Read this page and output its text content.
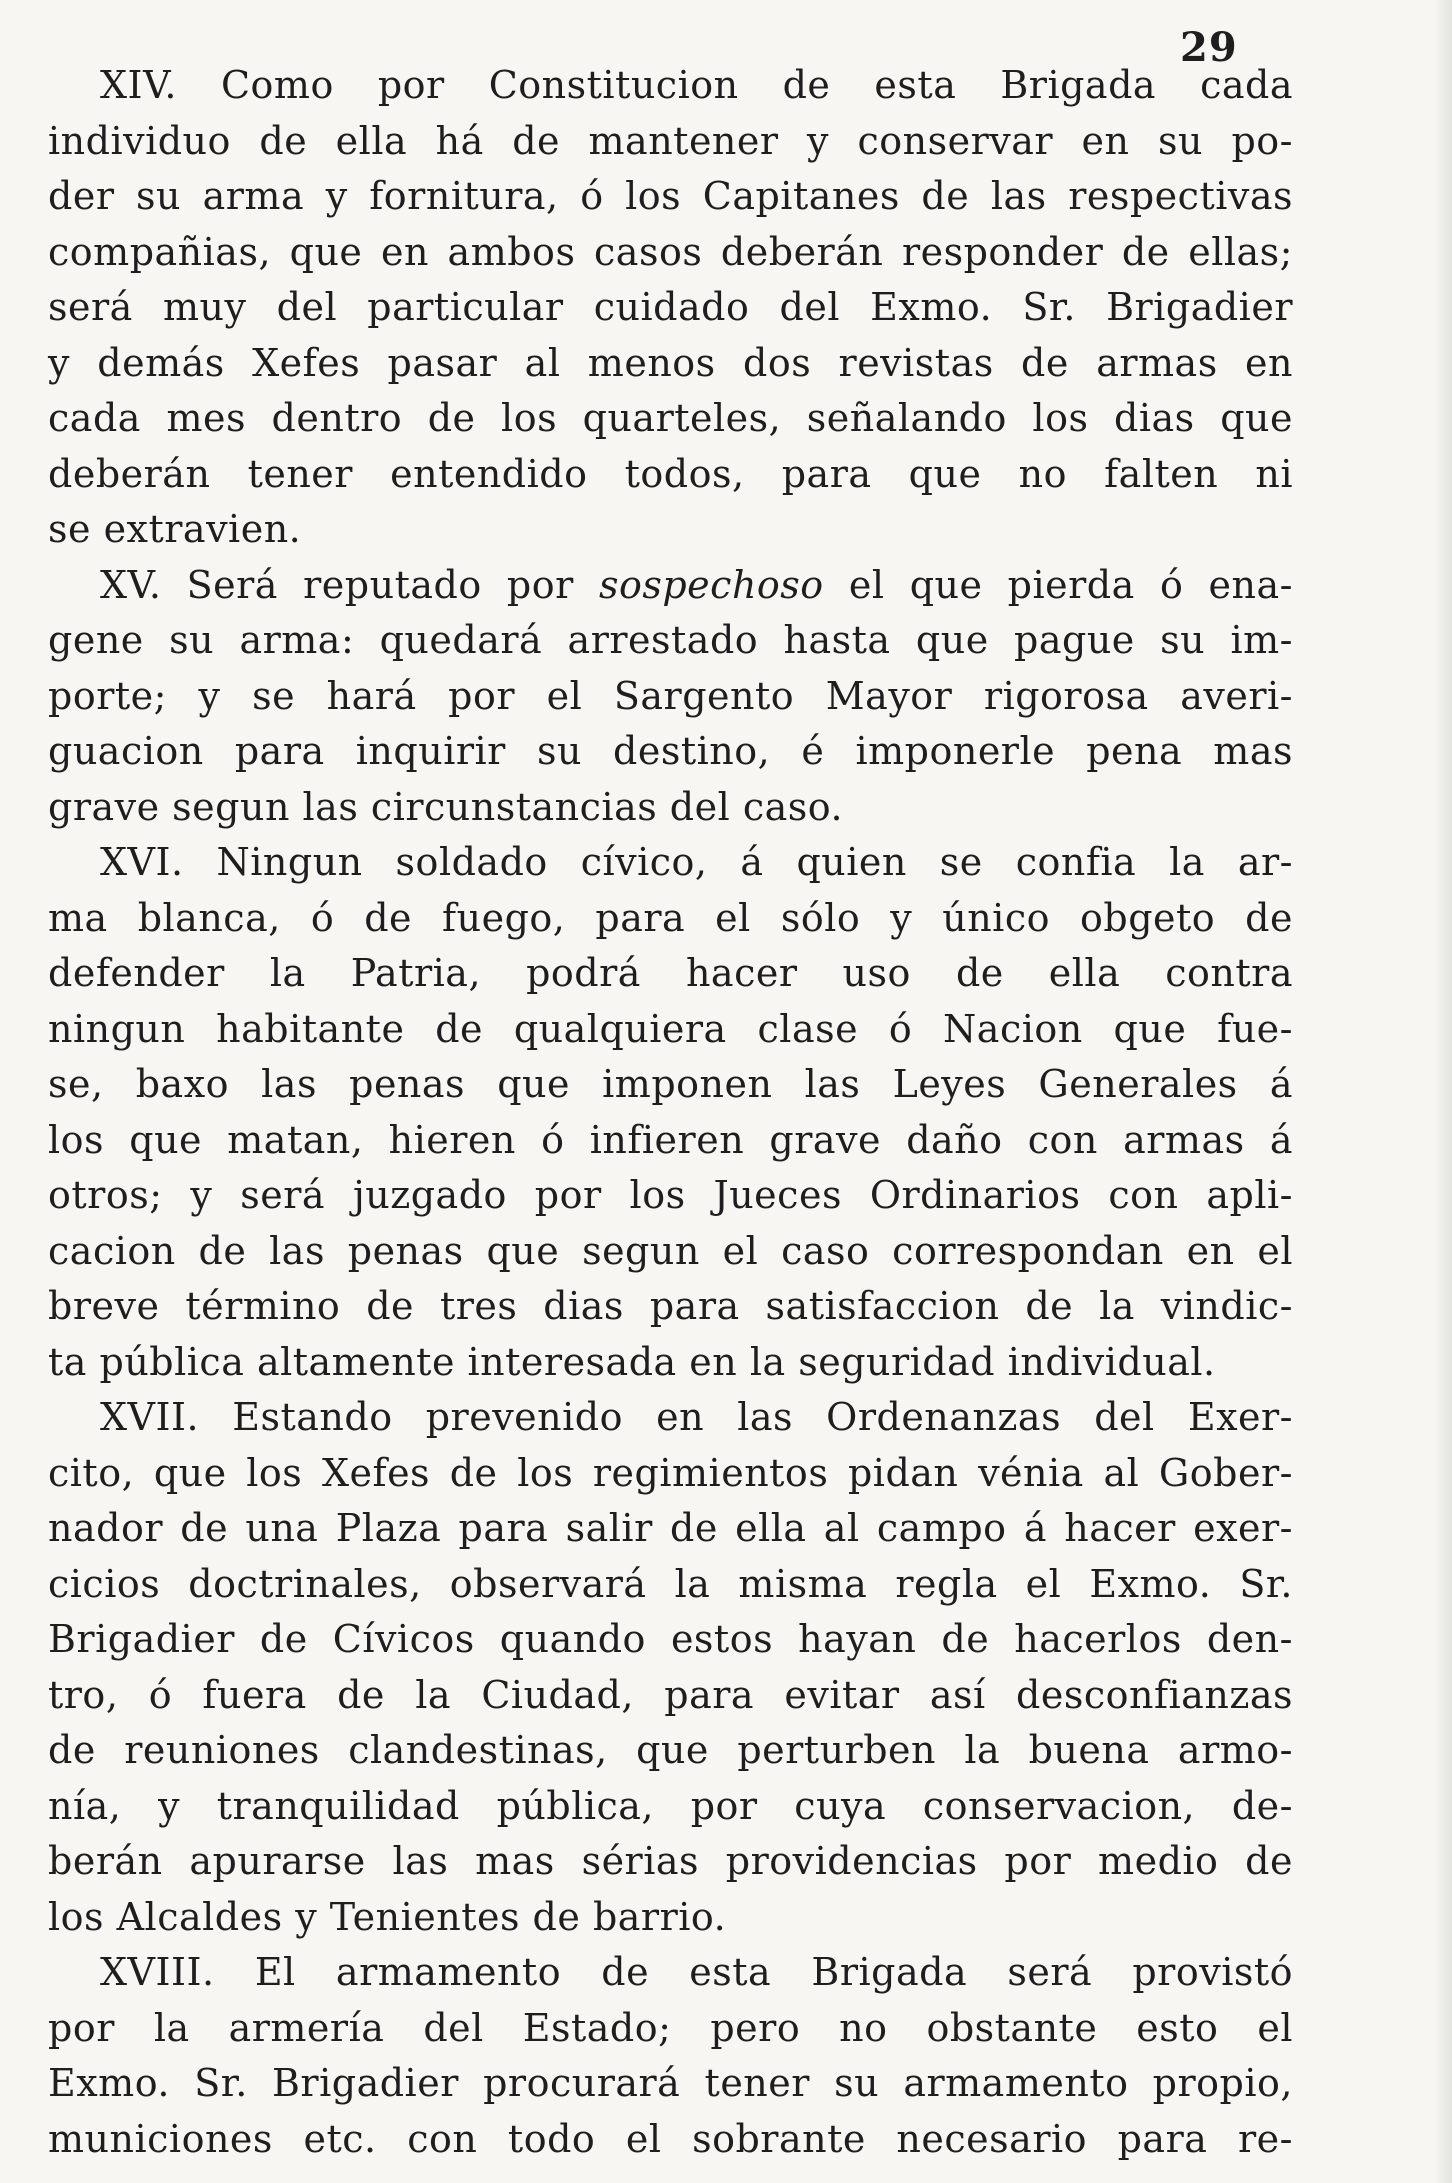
29
XIV. Como por Constitucion de esta Brigada cada
individuo de ella há de mantener y conservar en su po-
der su arma y fornitura, ó los Capitanes de las respectivas
compañias, que en ambos casos deberán responder de ellas;
será muy del particular cuidado del Exmo. Sr. Brigadier
y demás Xefes pasar al menos dos revistas de armas en
cada mes dentro de los quarteles, señalando los dias que
deberán tener entendido todos, para que no falten ni
se extravien.
XV. Será reputado por sospechoso el que pierda ó ena-
gene su arma: quedará arrestado hasta que pague su im-
porte; y se hará por el Sargento Mayor rigorosa averi-
guacion para inquirir su destino, é imponerle pena mas
grave segun las circunstancias del caso.
XVI. Ningun soldado cívico, á quien se confia la ar-
ma blanca, ó de fuego, para el sólo y único obgeto de
defender la Patria, podrá hacer uso de ella contra
ningun habitante de qualquiera clase ó Nacion que fue-
se, baxo las penas que imponen las Leyes Generales á
los que matan, hieren ó infieren grave daño con armas á
otros; y será juzgado por los Jueces Ordinarios con apli-
cacion de las penas que segun el caso correspondan en el
breve término de tres dias para satisfaccion de la vindic-
ta pública altamente interesada en la seguridad individual.
XVII. Estando prevenido en las Ordenanzas del Exer-
cito, que los Xefes de los regimientos pidan vénia al Gober-
nador de una Plaza para salir de ella al campo á hacer exer-
cicios doctrinales, observará la misma regla el Exmo. Sr.
Brigadier de Cívicos quando estos hayan de hacerlos den-
tro, ó fuera de la Ciudad, para evitar así desconfianzas
de reuniones clandestinas, que perturben la buena armo-
nía, y tranquilidad pública, por cuya conservacion, de-
berán apurarse las mas sérias providencias por medio de
los Alcaldes y Tenientes de barrio.
XVIII. El armamento de esta Brigada será provistó
por la armería del Estado; pero no obstante esto el
Exmo. Sr. Brigadier procurará tener su armamento propio,
municiones etc. con todo el sobrante necesario para re-
